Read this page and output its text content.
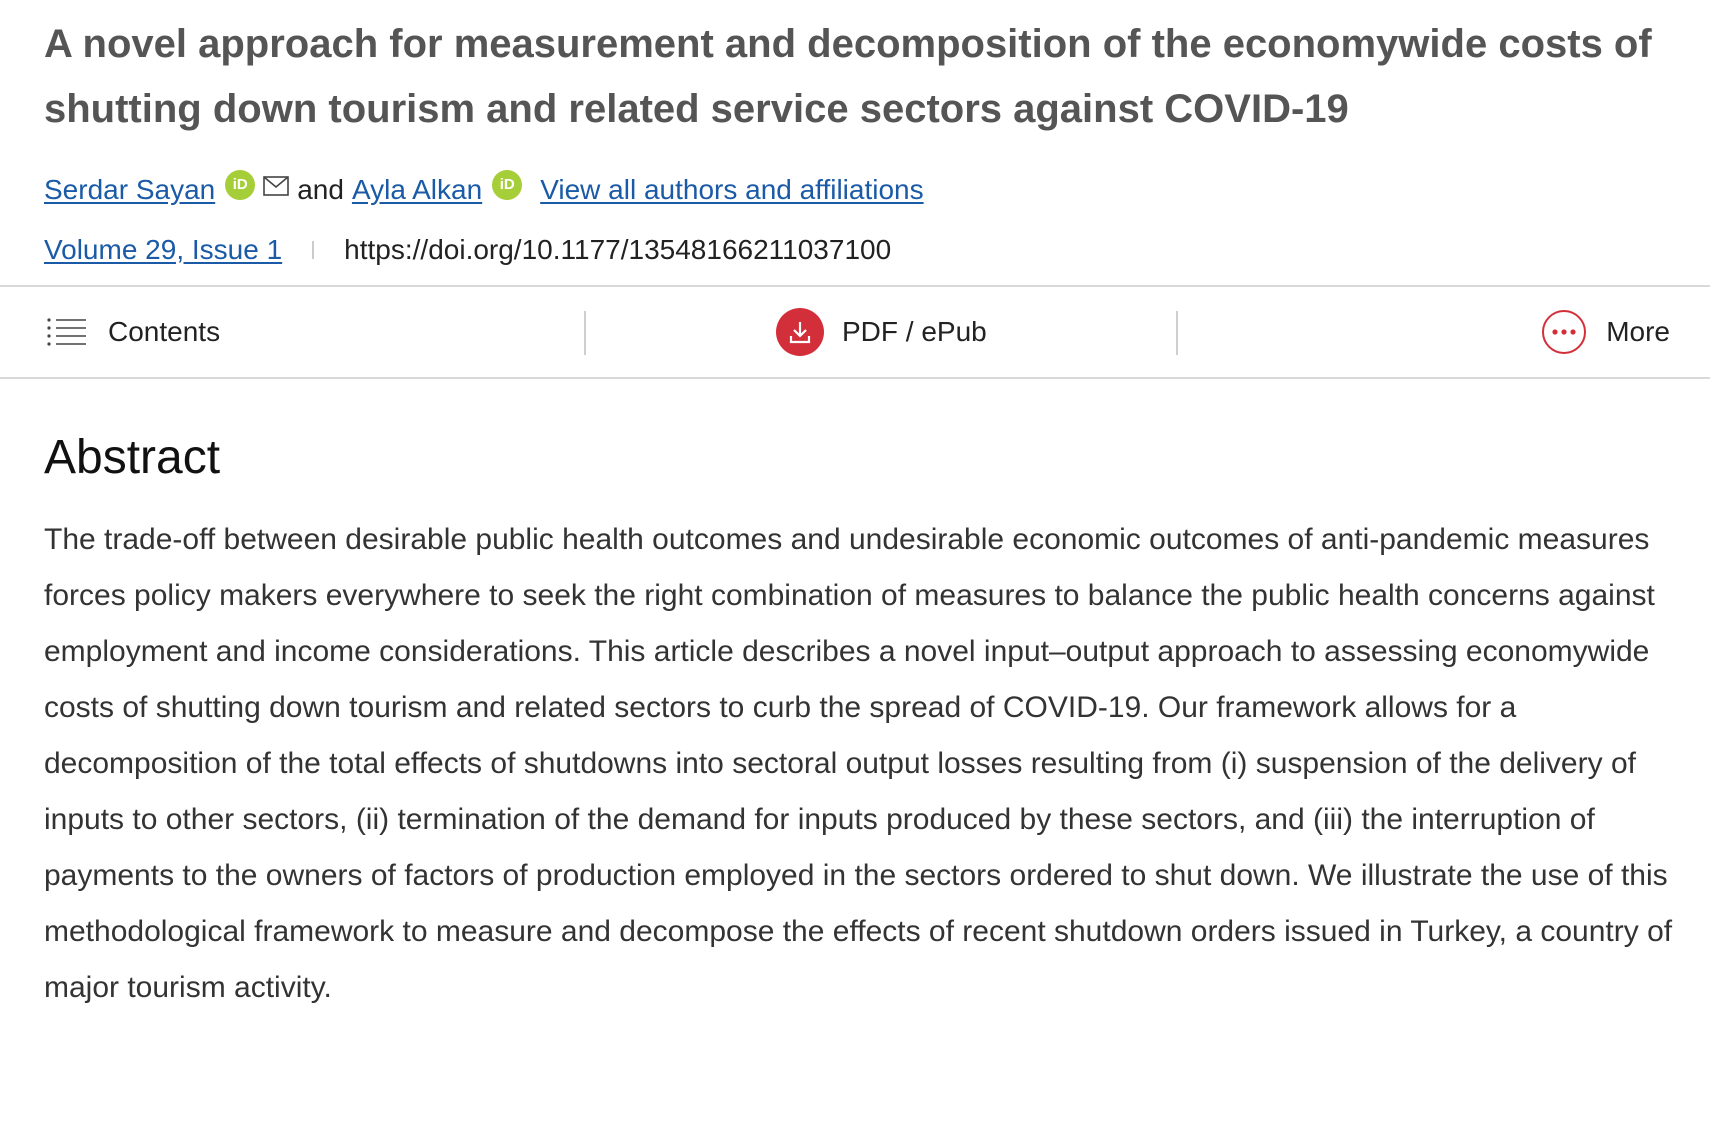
A novel approach for measurement and decomposition of the economywide costs of shutting down tourism and related service sectors against COVID-19
Serdar Sayan	iD and Ayla Alkan	iD View all authors and affiliations
Volume 29, Issue 1 https://doi.org/10.1177/13548166211037100
Contents	PDF / ePub	More
Abstract

The trade-off between desirable public health outcomes and undesirable economic outcomes of anti-pandemic measures forces policy makers everywhere to seek the right combination of measures to balance the public health concerns against employment and income considerations. This article describes a novel input–output approach to assessing economywide costs of shutting down tourism and related sectors to curb the spread of COVID-19. Our framework allows for a decomposition of the total effects of shutdowns into sectoral output losses resulting from (i) suspension of the delivery of inputs to other sectors, (ii) termination of the demand for inputs produced by these sectors, and (iii) the interruption of payments to the owners of factors of production employed in the sectors ordered to shut down. We illustrate the use of this methodological framework to measure and decompose the effects of recent shutdown orders issued in Turkey, a country of major tourism activity.
